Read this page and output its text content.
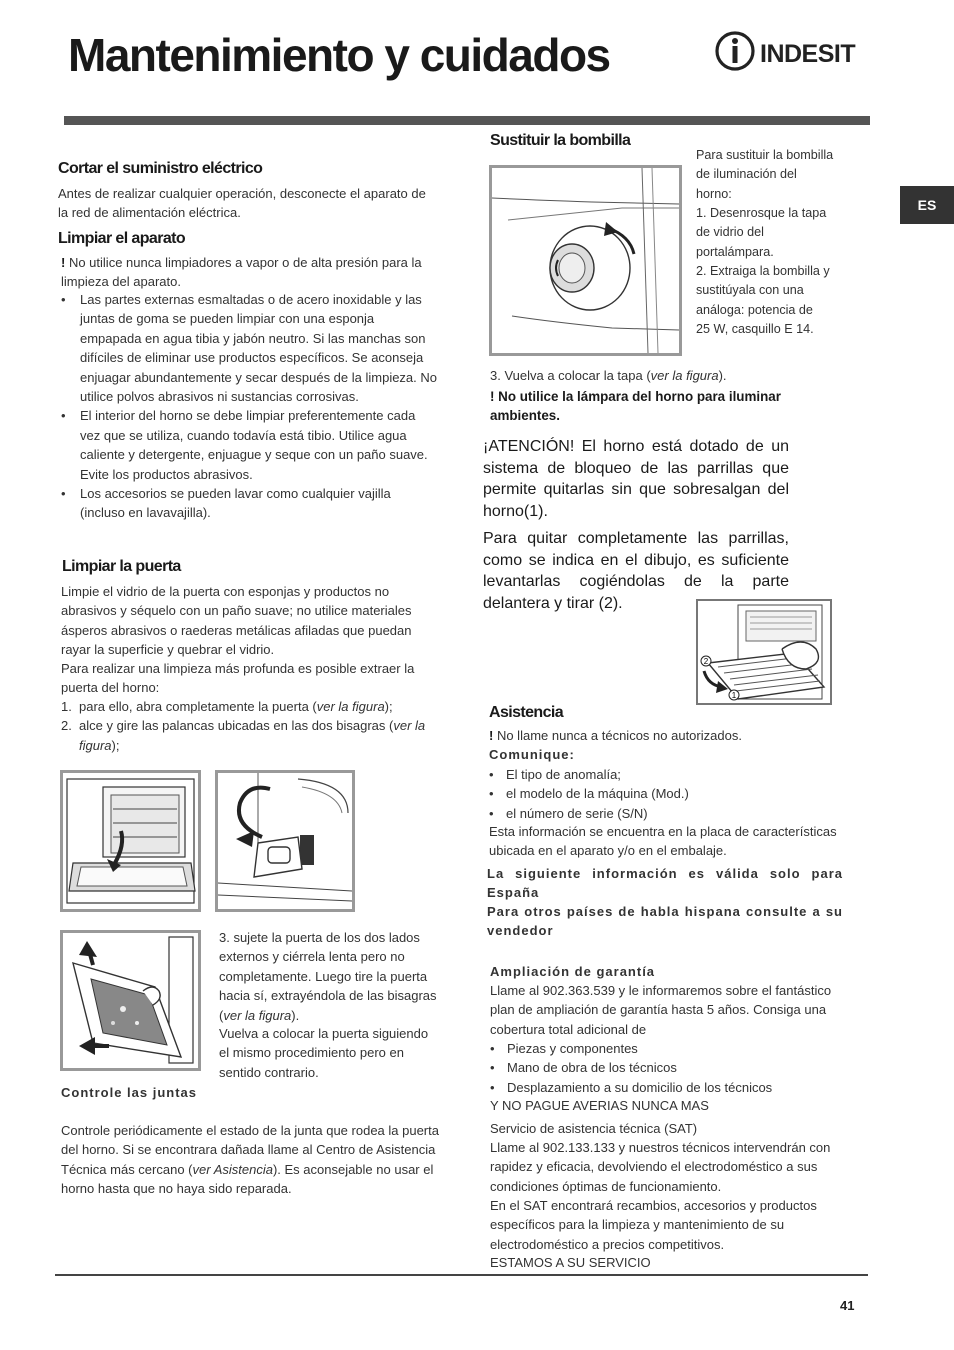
Mantenimiento y cuidados	INDESIT
ES
Cortar el suministro eléctrico

Antes de realizar cualquier operación, desconecte el aparato de la red de alimentación eléctrica.

Limpiar el aparato

! No utilice nunca limpiadores a vapor o de alta presión para la limpieza del aparato.

• Las partes externas esmaltadas o de acero inoxidable y las juntas de goma se pueden limpiar con una esponja empapada en agua tibia y jabón neutro. Si las manchas son difíciles de eliminar use productos específicos. Se aconseja enjuagar abundantemente y secar después de la limpieza. No utilice polvos abrasivos ni sustancias corrosivas.
• El interior del horno se debe limpiar preferentemente cada vez que se utiliza, cuando todavía está tibio. Utilice agua caliente y detergente, enjuague y seque con un paño suave. Evite los productos abrasivos.
• Los accesorios se pueden lavar como cualquier vajilla (incluso en lavavajilla).
Limpiar la puerta

Limpie el vidrio de la puerta con esponjas y productos no abrasivos y séquelo con un paño suave; no utilice materiales ásperos abrasivos o raederas metálicas afiladas que puedan rayar la superficie y quebrar el vidrio.

Para realizar una limpieza más profunda es posible extraer la puerta del horno:

1. para ello, abra completamente la puerta (ver la figura);
2. alce y gire las palancas ubicadas en las dos bisagras (ver la figura);

3. sujete la puerta de los dos lados externos y ciérrela lenta pero no completamente. Luego tire la puerta hacia sí, extrayéndola de las bisagras (ver la figura).

Vuelva a colocar la puerta siguiendo el mismo procedimiento pero en sentido contrario.

Controle las juntas

Controle periódicamente el estado de la junta que rodea la puerta del horno. Si se encontrara dañada llame al Centro de Asistencia Técnica más cercano (ver Asistencia). Es aconsejable no usar el horno hasta que no haya sido reparada.

Sustituir la bombilla

Para sustituir la bombilla de iluminación del horno:

1. Desenrosque la tapa de vidrio del portalámpara.

2. Extraiga la bombilla y sustitúyala con una análoga: potencia de 25 W, casquillo E 14.

3. Vuelva a colocar la tapa (ver la figura).

! No utilice la lámpara del horno para iluminar ambientes.

¡ATENCIÓN! El horno está dotado de un sistema de bloqueo de las parrillas que permite quitarlas sin que sobresalgan del horno(1).

Para quitar completamente las parrillas, como se indica en el dibujo, es suficiente levantarlas cogiéndolas de la parte delantera y tirar (2).

2
1
Asistencia

! No llame nunca a técnicos no autorizados.

Comunique:

• El tipo de anomalía;
• el modelo de la máquina (Mod.)
• el número de serie (S/N)

Esta información se encuentra en la placa de características ubicada en el aparato y/o en el embalaje.

La siguiente información es válida solo para España

Para otros países de habla hispana consulte a su vendedor

Ampliación de garantía

Llame al 902.363.539 y le informaremos sobre el fantástico plan de ampliación de garantía hasta 5 años. Consiga una cobertura total adicional de

• Piezas y componentes
• Mano de obra de los técnicos
• Desplazamiento a su domicilio de los técnicos

Y NO PAGUE AVERIAS NUNCA MAS

Servicio de asistencia técnica (SAT)

Llame al 902.133.133 y nuestros técnicos intervendrán con rapidez y eficacia, devolviendo el electrodoméstico a sus condiciones óptimas de funcionamiento.

En el SAT encontrará recambios, accesorios y productos específicos para la limpieza y mantenimiento de su electrodoméstico a precios competitivos.

ESTAMOS A SU SERVICIO

41
